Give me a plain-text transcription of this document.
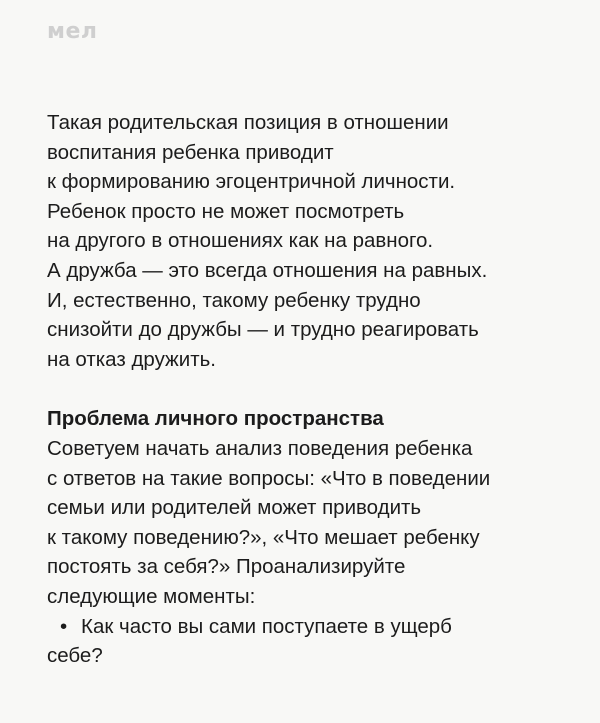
мел
Такая родительская позиция в отношении
воспитания ребенка приводит
к формированию эгоцентричной личности.
Ребенок просто не может посмотреть
на другого в отношениях как на равного.
А дружба — это всегда отношения на равных.
И, естественно, такому ребенку трудно
снизойти до дружбы — и трудно реагировать
на отказ дружить.
Проблема личного пространства
Советуем начать анализ поведения ребенка
с ответов на такие вопросы: «Что в поведении
семьи или родителей может приводить
к такому поведению?», «Что мешает ребенку
постоять за себя?» Проанализируйте
следующие моменты:
• Как часто вы сами поступаете в ущерб
себе?
